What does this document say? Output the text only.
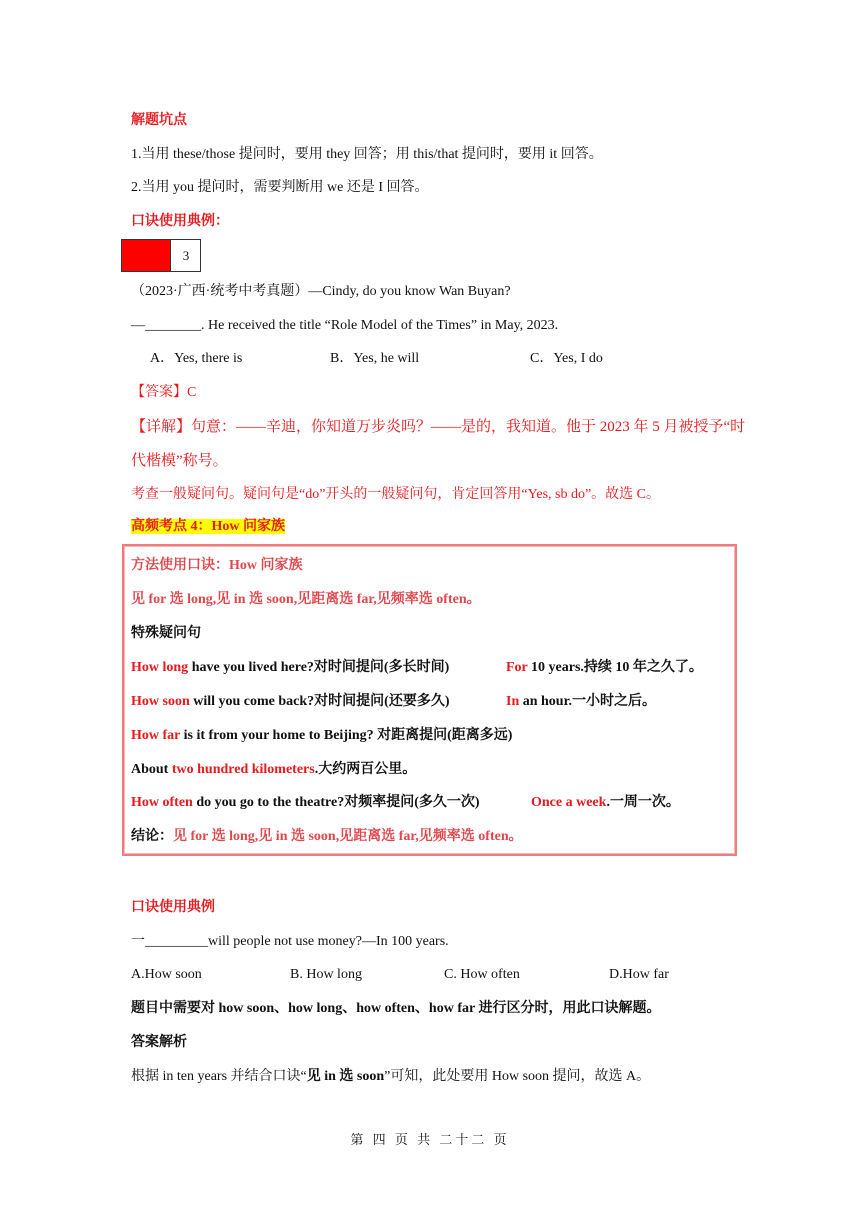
解题坑点
1.当用 these/those 提问时，要用 they 回答；用 this/that 提问时，要用 it 回答。
2.当用 you 提问时，需要判断用 we 还是 I 回答。
口诀使用典例：
3
（2023·广西·统考中考真题）—Cindy, do you know Wan Buyan?
—________. He received the title “Role Model of the Times” in May, 2023.
A．Yes, there is	B．Yes, he will	C．Yes, I do
【答案】C
【详解】句意：——辛迪，你知道万步炎吗？——是的，我知道。他于 2023 年 5 月被授予“时
代楷模”称号。
考查一般疑问句。疑问句是“do”开头的一般疑问句，肯定回答用“Yes, sb do”。故选 C。
高频考点 4：How 问家族
方法使用口诀：How 问家族
见 for 选 long,见 in 选 soon,见距离选 far,见频率选 often。
特殊疑问句
How long have you lived here?对时间提问(多长时间)	For 10 years.持续 10 年之久了。
How soon will you come back?对时间提问(还要多久)	In an hour.一小时之后。
How far is it from your home to Beijing? 对距离提问(距离多远)
About two hundred kilometers.大约两百公里。
How often do you go to the theatre?对频率提问(多久一次)	Once a week.一周一次。
结论：见 for 选 long,见 in 选 soon,见距离选 far,见频率选 often。
口诀使用典例
一_________will people not use money?—In 100 years.
A.How soon	B. How long	C. How often	D.How far
题目中需要对 how soon、how long、how often、how far 进行区分时，用此口诀解题。
答案解析
根据 in ten years 并结合口诀“见 in 选 soon”可知，此处要用 How soon 提问，故选 A。
第 四 页 共 二十二 页
